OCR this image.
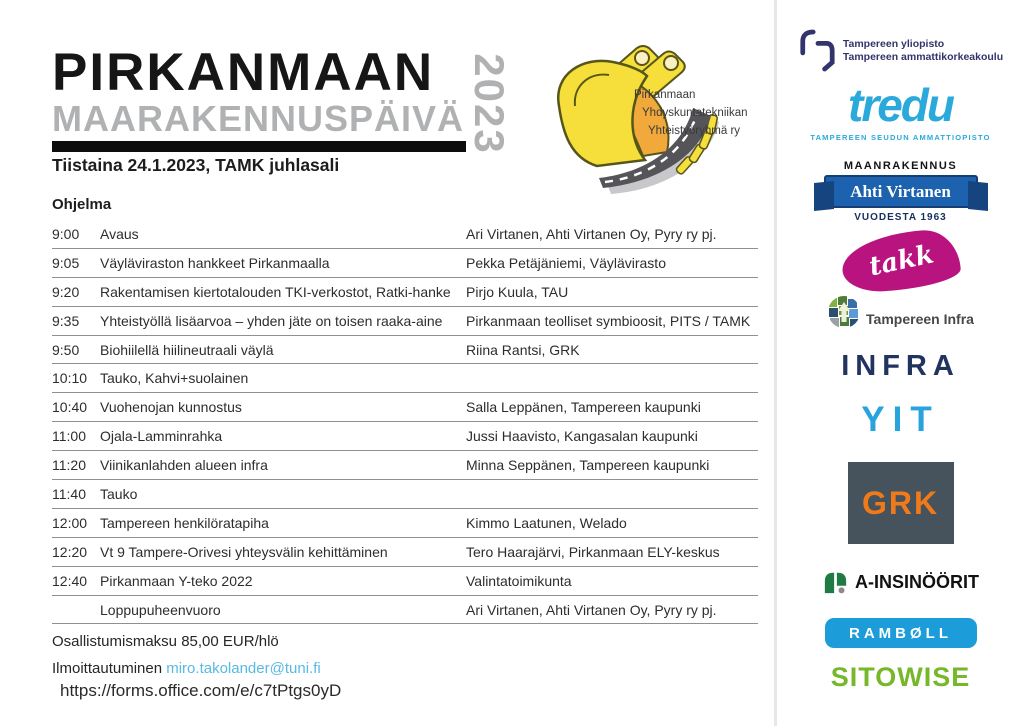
PIRKANMAAN
MAARAKENNUSPÄIVÄ 2023	Pirkanmaan
Yhdyskuntatekniikan
Yhteistyöryhmä ry
Tiistaina 24.1.2023, TAMK juhlasali
Ohjelma
9:00	Avaus	Ari Virtanen, Ahti Virtanen Oy, Pyry ry pj.
9:05	Väyläviraston hankkeet Pirkanmaalla	Pekka Petäjäniemi, Väylävirasto
9:20	Rakentamisen kiertotalouden TKI-verkostot, Ratki-hanke	Pirjo Kuula, TAU
9:35	Yhteistyöllä lisäarvoa – yhden jäte on toisen raaka-aine	Pirkanmaan teolliset symbioosit, PITS / TAMK
9:50	Biohiilellä hiilineutraali väylä	Riina Rantsi, GRK
10:10 Tauko, Kahvi+suolainen
10:40 Vuohenojan kunnostus	Salla Leppänen, Tampereen kaupunki
11:00	Ojala-Lamminrahka	Jussi Haavisto, Kangasalan kaupunki
11:20	Viinikanlahden alueen infra	Minna Seppänen, Tampereen kaupunki
11:40	Tauko
12:00 Tampereen henkilöratapiha	Kimmo Laatunen, Welado
12:20 Vt 9 Tampere-Orivesi yhteysvälin kehittäminen	Tero Haarajärvi, Pirkanmaan ELY-keskus
12:40 Pirkanmaan Y-teko 2022	Valintatoimikunta
Loppupuheenvuoro	Ari Virtanen, Ahti Virtanen Oy, Pyry ry pj.
Osallistumismaksu 85,00 EUR/hlö
Ilmoittautuminen miro.takolander@tuni.fi
https://forms.office.com/e/c7tPtgs0yD
Tampereen yliopisto
Tampereen ammattikorkeakoulu
tredu
TAMPEREEN SEUDUN AMMATTIOPISTO
MAANRAKENNUS
Ahti Virtanen
VUODESTA 1963
takk
Tampereen Infra
INFRA
YIT
GRK
A-INSINÖÖRIT
RAMBØLL
SITOWISE
